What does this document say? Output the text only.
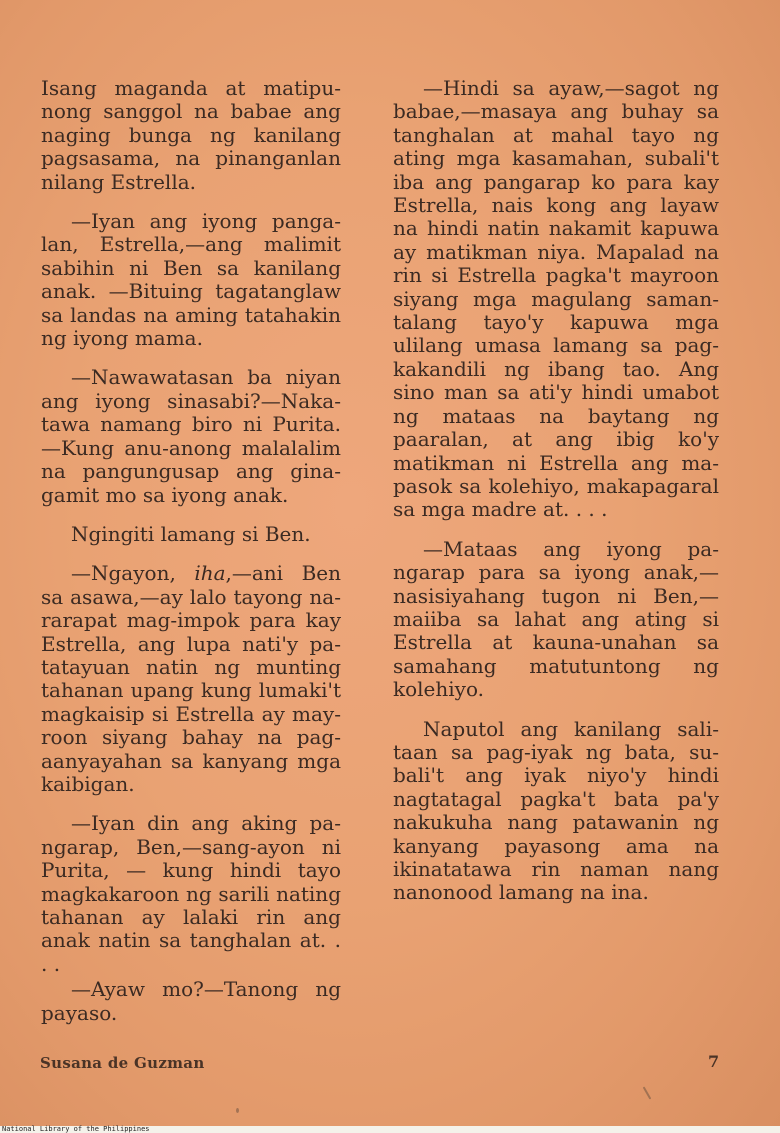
Isang maganda at matipunong sanggol na babae ang naging bunga ng kanilang pagsasama, na pinanganlan nilang Estrella.

—Iyan ang iyong pangalan, Estrella,—ang malimit sabihin ni Ben sa kanilang anak. —Bituing tagatanglaw sa landas na aming tatahakin ng iyong mama.

—Nawawatasan ba niyan ang iyong sinasabi?—Nakatawa namang biro ni Purita. —Kung anu-anong malalalim na pangungusap ang ginagamit mo sa iyong anak.

Ngingiti lamang si Ben.

—Ngayon, iha,—ani Ben sa asawa,—ay lalo tayong nararapat mag-impok para kay Estrella, ang lupa nati'y patatayuan natin ng munting tahanan upang kung lumaki't magkaisip si Estrella ay mayroon siyang bahay na pagaanyayahan sa kanyang mga kaibigan.

—Iyan din ang aking pangarap, Ben,—sang-ayon ni Purita, — kung hindi tayo magkakaroon ng sarili nating tahanan ay lalaki rin ang anak natin sa tanghalan at. . . .

—Ayaw mo?—Tanong ng payaso.

—Hindi sa ayaw,—sagot ng babae,—masaya ang buhay sa tanghalan at mahal tayo ng ating mga kasamahan, subali't iba ang pangarap ko para kay Estrella, nais kong ang layaw na hindi natin nakamit kapuwa ay matikman niya. Mapalad na rin si Estrella pagka't mayroon siyang mga magulang samantalang tayo'y kapuwa mga ulilang umasa lamang sa pagkakandili ng ibang tao. Ang sino man sa ati'y hindi umabot ng mataas na baytang ng paaralan, at ang ibig ko'y matikman ni Estrella ang mapasok sa kolehiyo, makapagaral sa mga madre at. . . .

—Mataas ang iyong pangarap para sa iyong anak,—nasisiyahang tugon ni Ben,— maiiba sa lahat ang ating si Estrella at kauna-unahan sa samahang matutuntong ng kolehiyo.

Naputol ang kanilang salitaan sa pag-iyak ng bata, subali't ang iyak niyo'y hindi nagtatagal pagka't bata pa'y nakukuha nang patawanin ng kanyang payasong ama na ikinatatawa rin naman nang nanonood lamang na ina.

Susana de Guzman	7
National Library of the Philippines
